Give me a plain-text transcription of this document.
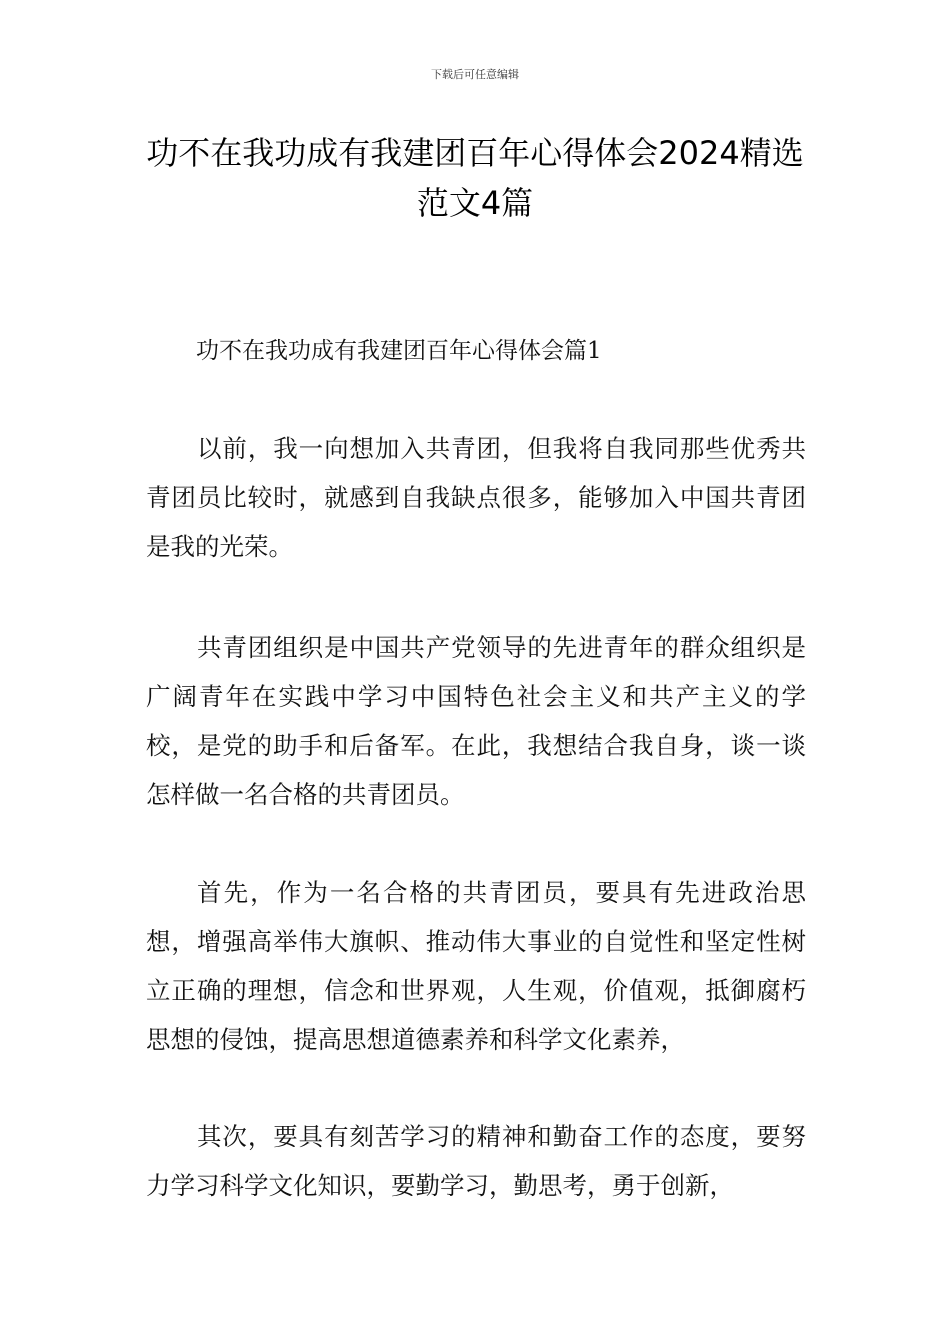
下载后可任意编辑
功不在我功成有我建团百年心得体会2024精选范文4篇
功不在我功成有我建团百年心得体会篇1

以前，我一向想加入共青团，但我将自我同那些优秀共青团员比较时，就感到自我缺点很多，能够加入中国共青团是我的光荣。

共青团组织是中国共产党领导的先进青年的群众组织是广阔青年在实践中学习中国特色社会主义和共产主义的学校，是党的助手和后备军。在此，我想结合我自身，谈一谈怎样做一名合格的共青团员。

首先，作为一名合格的共青团员，要具有先进政治思想，增强高举伟大旗帜、推动伟大事业的自觉性和坚定性树立正确的理想，信念和世界观，人生观，价值观，抵御腐朽思想的侵蚀，提高思想道德素养和科学文化素养，

其次，要具有刻苦学习的精神和勤奋工作的态度，要努力学习科学文化知识，要勤学习，勤思考，勇于创新，
